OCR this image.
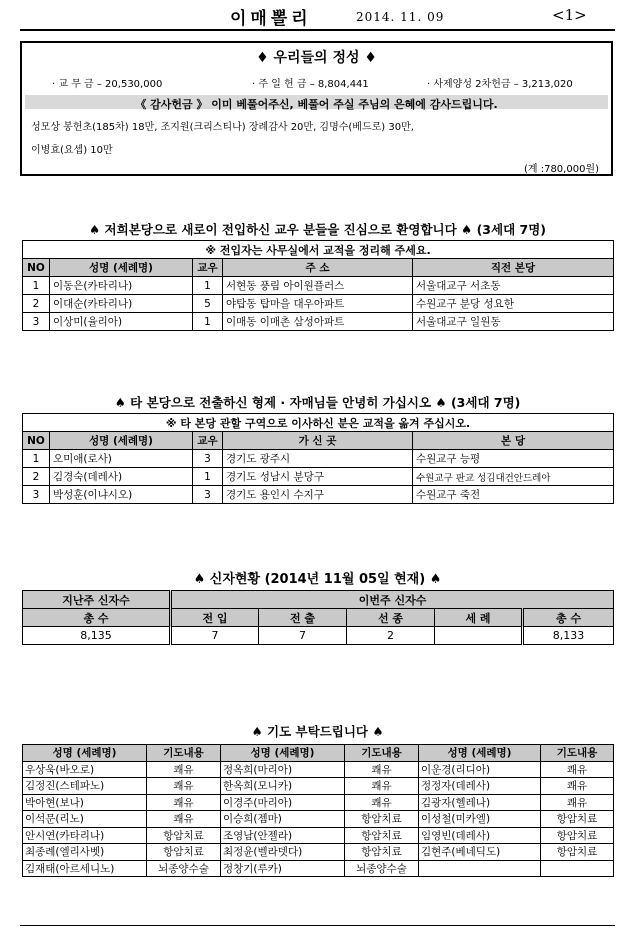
이매뽈리	2014. 11. 09	<1>
♦ 우리들의 정성 ♦
· 교 무 금 – 20,530,000	· 주 일 헌 금 – 8,804,441	· 사제양성 2차헌금 – 3,213,020
《 감사헌금 》 이미 베풀어주신, 베풀어 주실 주님의 은혜에 감사드립니다.
성모상 봉헌초(185차) 18만, 조지원(크리스티나) 장례감사 20만, 김명수(베드로) 30만,
이병효(요셉) 10만
(계 :780,000원)
♠ 저희본당으로 새로이 전입하신 교우 분들을 진심으로 환영합니다 ♠ (3세대 7명)
※ 전입자는 사무실에서 교적을 정리해 주세요.				
NO	성명 (세례명)	교우	주 소	직전 본당
1	이동은(카타리나)	1	서현동 풍림 아이원플러스	서울대교구 서초동
2	이대순(카타리나)	5	야탑동 탑마을 대우아파트	수원교구 분당 성요한
3	이상미(율리아)	1	이매동 이매촌 삼성아파트	서울대교구 일원동
♠ 타 본당으로 전출하신 형제 · 자매님들 안녕히 가십시오 ♠ (3세대 7명)
※ 타 본당 관할 구역으로 이사하신 분은 교적을 옮겨 주십시오.				
NO	성명 (세례명)	교우	가 신 곳	본 당
1	오미애(로사)	3	경기도 광주시	수원교구 능평
2	김경숙(데레사)	1	경기도 성남시 분당구	수원교구 판교 성김대건안드레아
3	박성훈(이냐시오)	3	경기도 용인시 수지구	수원교구 죽전
♠ 신자현황 (2014년 11월 05일 현재) ♠
지난주 신자수	이번주 신자수				
총 수	전 입	전 출	선 종	세 례	총 수
8,135	7	7	2		8,133
♠ 기도 부탁드립니다 ♠
성명 (세례명)	기도내용	성명 (세례명)	기도내용	성명 (세례명)	기도내용
우상욱(바오로)	쾌유	정옥희(마리아)	쾌유	이운경(리디아)	쾌유
김정진(스테파노)	쾌유	한옥희(모니카)	쾌유	정정자(데레사)	쾌유
박아현(보나)	쾌유	이경주(마리아)	쾌유	김광자(헬레나)	쾌유
이석문(리노)	쾌유	이승희(젬마)	항암치료	이성철(미카엘)	항암치료
안시연(카타리나)	항암치료	조영남(안젤라)	항암치료	임영빈(데레사)	항암치료
최종례(엘리사벳)	항암치료	최정윤(벨라뎃다)	항암치료	김현주(베네딕도)	항암치료
김재태(아르세니노)	뇌종양수술	정창기(루카)	뇌종양수술		
